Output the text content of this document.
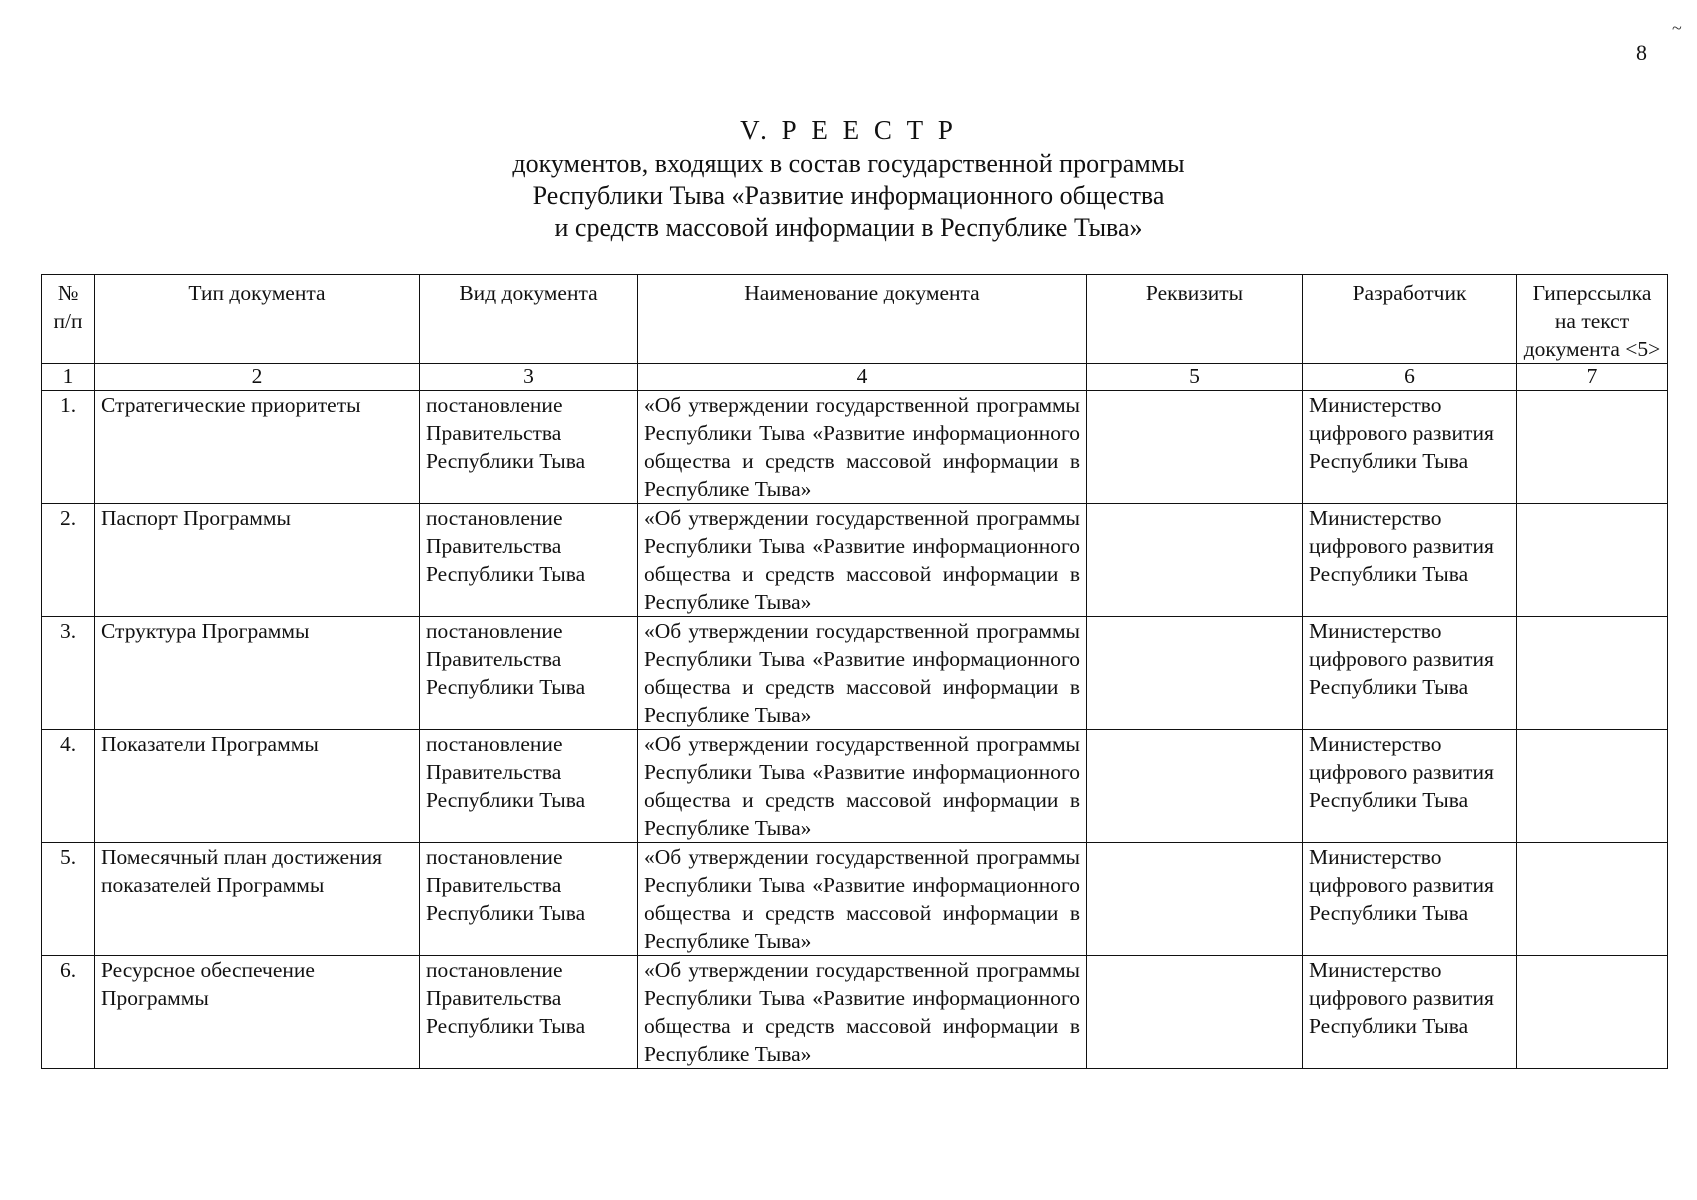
~
8
V. Р Е Е С Т Р
документов, входящих в состав государственной программы
Республики Тыва «Развитие информационного общества
и средств массовой информации в Республике Тыва»
№ п/п	Тип документа	Вид документа	Наименование документа	Реквизиты	Разработчик	Гиперссылка на текст документа <5>
1	2	3	4	5	6	7
1.	Стратегические приоритеты	постановление Правительства Республики Тыва	«Об утверждении государственной программы Республики Тыва «Развитие информационного общества и средств массовой информации в Республике Тыва»		Министерство цифрового развития Республики Тыва	
2.	Паспорт Программы	постановление Правительства Республики Тыва	«Об утверждении государственной программы Республики Тыва «Развитие информационного общества и средств массовой информации в Республике Тыва»		Министерство цифрового развития Республики Тыва	
3.	Структура Программы	постановление Правительства Республики Тыва	«Об утверждении государственной программы Республики Тыва «Развитие информационного общества и средств массовой информации в Республике Тыва»		Министерство цифрового развития Республики Тыва	
4.	Показатели Программы	постановление Правительства Республики Тыва	«Об утверждении государственной программы Республики Тыва «Развитие информационного общества и средств массовой информации в Республике Тыва»		Министерство цифрового развития Республики Тыва	
5.	Помесячный план достижения показателей Программы	постановление Правительства Республики Тыва	«Об утверждении государственной программы Республики Тыва «Развитие информационного общества и средств массовой информации в Республике Тыва»		Министерство цифрового развития Республики Тыва	
6.	Ресурсное обеспечение Программы	постановление Правительства Республики Тыва	«Об утверждении государственной программы Республики Тыва «Развитие информационного общества и средств массовой информации в Республике Тыва»		Министерство цифрового развития Республики Тыва	
